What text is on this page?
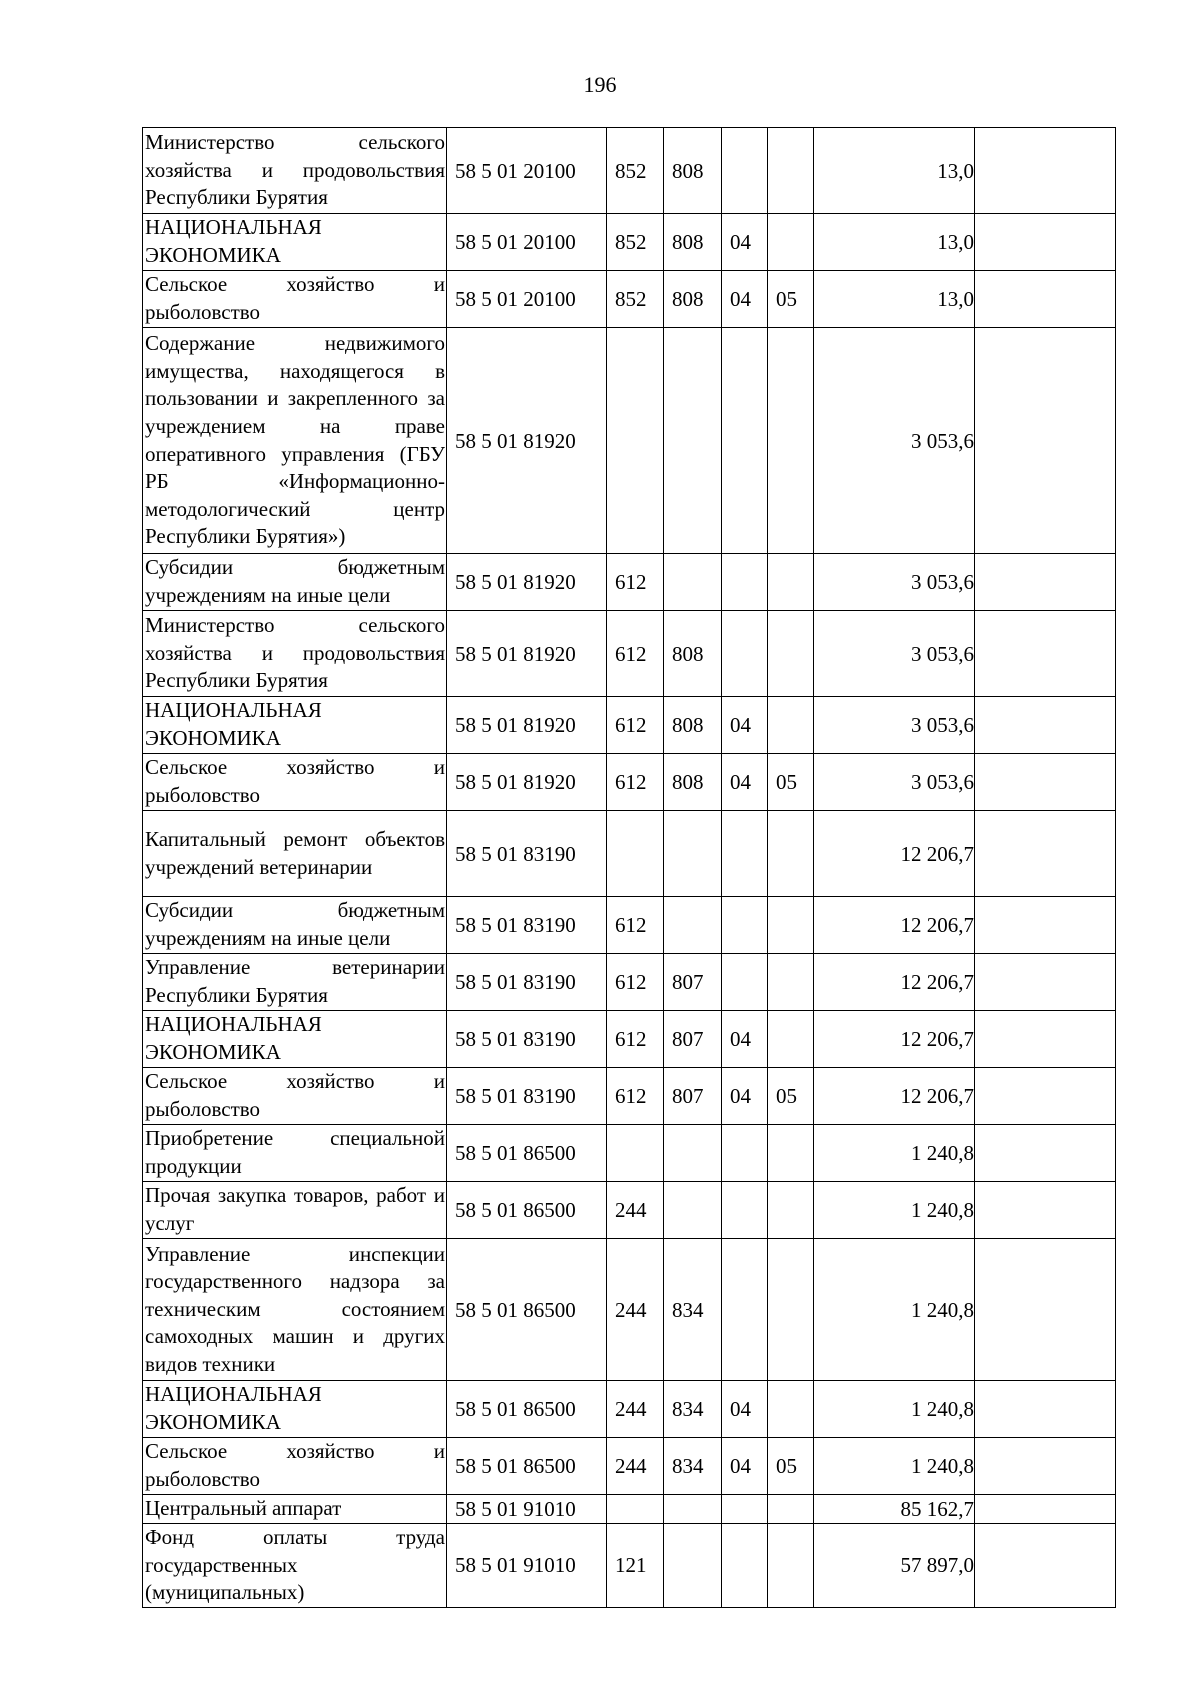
196
Министерство сельского хозяйства и продовольствия Республики Бурятия	58 5 01 20100	852	808			13,0	
НАЦИОНАЛЬНАЯ ЭКОНОМИКА	58 5 01 20100	852	808	04		13,0	
Сельское хозяйство и рыболовство	58 5 01 20100	852	808	04	05	13,0	
Содержание недвижимого имущества, находящегося в пользовании и закрепленного за учреждением на праве оперативного управления (ГБУ РБ «Информационно-методологический центр Республики Бурятия»)	58 5 01 81920					3 053,6	
Субсидии бюджетным учреждениям на иные цели	58 5 01 81920	612				3 053,6	
Министерство сельского хозяйства и продовольствия Республики Бурятия	58 5 01 81920	612	808			3 053,6	
НАЦИОНАЛЬНАЯ ЭКОНОМИКА	58 5 01 81920	612	808	04		3 053,6	
Сельское хозяйство и рыболовство	58 5 01 81920	612	808	04	05	3 053,6	
Капитальный ремонт объектов учреждений ветеринарии	58 5 01 83190					12 206,7	
Субсидии бюджетным учреждениям на иные цели	58 5 01 83190	612				12 206,7	
Управление ветеринарии Республики Бурятия	58 5 01 83190	612	807			12 206,7	
НАЦИОНАЛЬНАЯ ЭКОНОМИКА	58 5 01 83190	612	807	04		12 206,7	
Сельское хозяйство и рыболовство	58 5 01 83190	612	807	04	05	12 206,7	
Приобретение специальной продукции	58 5 01 86500					1 240,8	
Прочая закупка товаров, работ и услуг	58 5 01 86500	244				1 240,8	
Управление инспекции государственного надзора за техническим состоянием самоходных машин и других видов техники	58 5 01 86500	244	834			1 240,8	
НАЦИОНАЛЬНАЯ ЭКОНОМИКА	58 5 01 86500	244	834	04		1 240,8	
Сельское хозяйство и рыболовство	58 5 01 86500	244	834	04	05	1 240,8	
Центральный аппарат	58 5 01 91010					85 162,7	
Фонд оплаты труда государственных (муниципальных)	58 5 01 91010	121				57 897,0	
